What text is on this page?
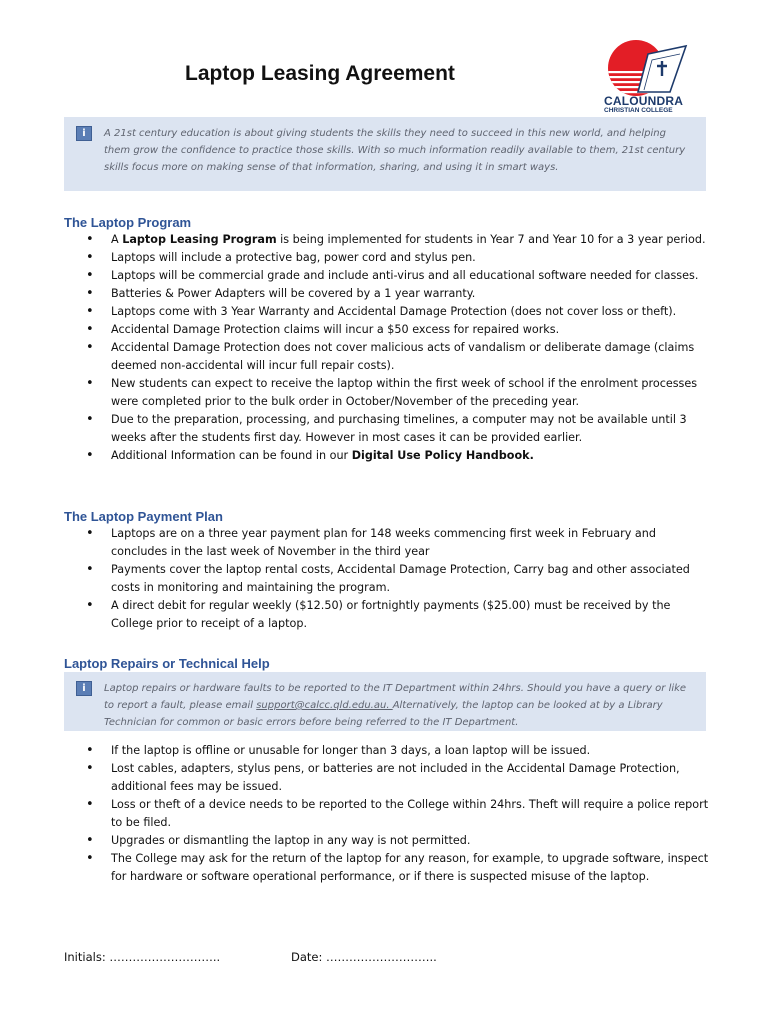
Laptop Leasing Agreement
CALOUNDRA
CHRISTIAN COLLEGE
i	A 21st century education is about giving students the skills they need to succeed in this new world, and helping them grow the confidence to practice those skills. With so much information readily available to them, 21st century skills focus more on making sense of that information, sharing, and using it in smart ways.
The Laptop Program
• A Laptop Leasing Program is being implemented for students in Year 7 and Year 10 for a 3 year period.
• Laptops will include a protective bag, power cord and stylus pen.
• Laptops will be commercial grade and include anti-virus and all educational software needed for classes.
• Batteries & Power Adapters will be covered by a 1 year warranty.
• Laptops come with 3 Year Warranty and Accidental Damage Protection (does not cover loss or theft).
• Accidental Damage Protection claims will incur a $50 excess for repaired works.
• Accidental Damage Protection does not cover malicious acts of vandalism or deliberate damage (claims deemed non-accidental will incur full repair costs).
• New students can expect to receive the laptop within the first week of school if the enrolment processes were completed prior to the bulk order in October/November of the preceding year.
• Due to the preparation, processing, and purchasing timelines, a computer may not be available until 3 weeks after the students first day. However in most cases it can be provided earlier.
• Additional Information can be found in our Digital Use Policy Handbook.
The Laptop Payment Plan
• Laptops are on a three year payment plan for 148 weeks commencing first week in February and concludes in the last week of November in the third year
• Payments cover the laptop rental costs, Accidental Damage Protection, Carry bag and other associated costs in monitoring and maintaining the program.
• A direct debit for regular weekly ($12.50) or fortnightly payments ($25.00) must be received by the College prior to receipt of a laptop.
Laptop Repairs or Technical Help
i	Laptop repairs or hardware faults to be reported to the IT Department within 24hrs. Should you have a query or like to report a fault, please email support@calcc.qld.edu.au. Alternatively, the laptop can be looked at by a Library Technician for common or basic errors before being referred to the IT Department.
• If the laptop is offline or unusable for longer than 3 days, a loan laptop will be issued.
• Lost cables, adapters, stylus pens, or batteries are not included in the Accidental Damage Protection, additional fees may be issued.
• Loss or theft of a device needs to be reported to the College within 24hrs. Theft will require a police report to be filed.
• Upgrades or dismantling the laptop in any way is not permitted.
• The College may ask for the return of the laptop for any reason, for example, to upgrade software, inspect for hardware or software operational performance, or if there is suspected misuse of the laptop.
Initials: ………………………..	Date: ………………………..
